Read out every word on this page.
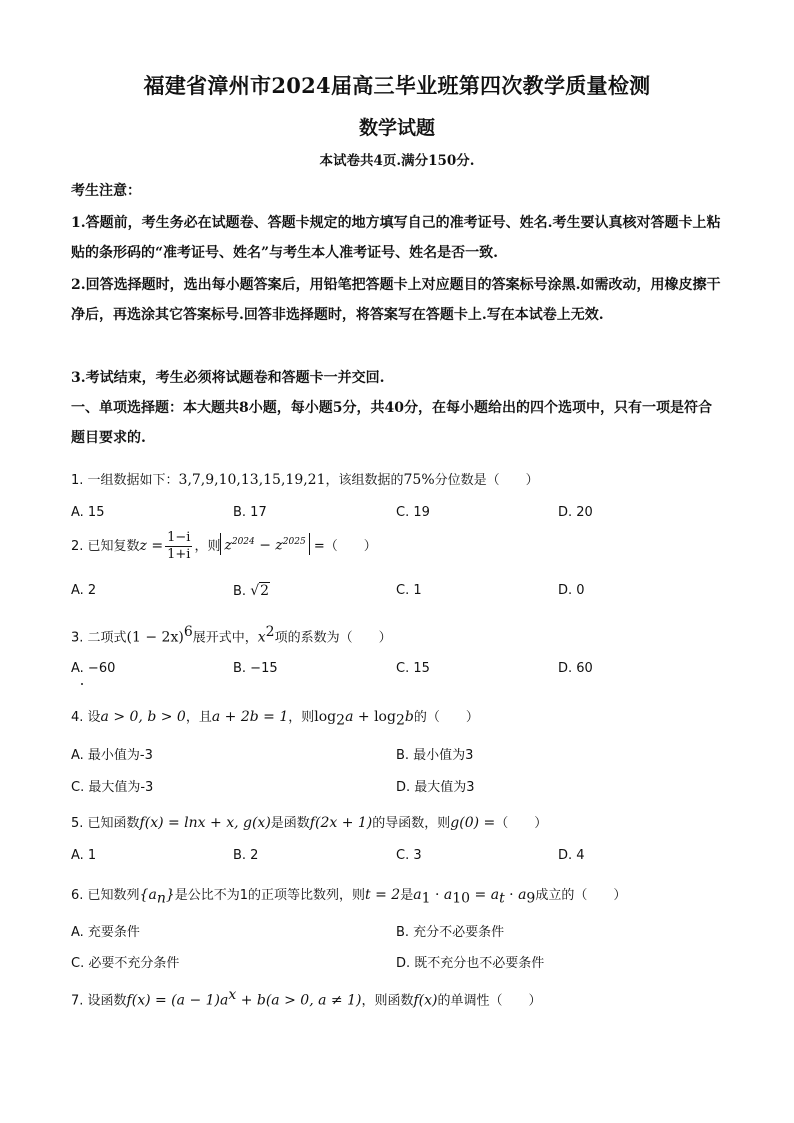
福建省漳州市2024届高三毕业班第四次教学质量检测
数学试题
本试卷共4页.满分150分.
考生注意：
1.答题前，考生务必在试题卷、答题卡规定的地方填写自己的准考证号、姓名.考生要认真核对答题卡上粘贴的条形码的“准考证号、姓名”与考生本人准考证号、姓名是否一致.
2.回答选择题时，选出每小题答案后，用铅笔把答题卡上对应题目的答案标号涂黑.如需改动，用橡皮擦干净后，再选涂其它答案标号.回答非选择题时，将答案写在答题卡上.写在本试卷上无效.
3.考试结束，考生必须将试题卷和答题卡一并交回.
一、单项选择题：本大题共8小题，每小题5分，共40分，在每小题给出的四个选项中，只有一项是符合题目要求的.
1. 一组数据如下：3,7,9,10,13,15,19,21，该组数据的75%分位数是（　　）
A. 15	B. 17	C. 19	D. 20
2. 已知复数$z = \frac{1-i}{1+i}$ ，则 $z^{2024} - z^{2025}$ =（　　）
A. 2	B. √2	C. 1	D. 0
3. 二项式$(1 - 2x)^6$展开式中，$x^2$项的系数为（　　）
A. −60	B. −15	C. 15	D. 60
4. 设a > 0, b > 0，且a + 2b = 1，则$\log_2a + \log_2b$的（　　）
A. 最小值为-3	B. 最小值为3
C. 最大值为-3	D. 最大值为3
5. 已知函数f(x) = lnx + x, g(x)是函数f(2x + 1)的导函数，则g(0) =（　　）
A. 1	B. 2	C. 3	D. 4
6. 已知数列$\{a_n\}$是公比不为1的正项等比数列，则t = 2是$a_1 \cdot a_{10} = a_t \cdot a_9$成立的（　　）
A. 充要条件	B. 充分不必要条件
C. 必要不充分条件	D. 既不充分也不必要条件
7. 设函数$f(x) = (a - 1)a^x + b(a > 0$, a ≠ 1)，则函数f(x)的单调性（　　）
